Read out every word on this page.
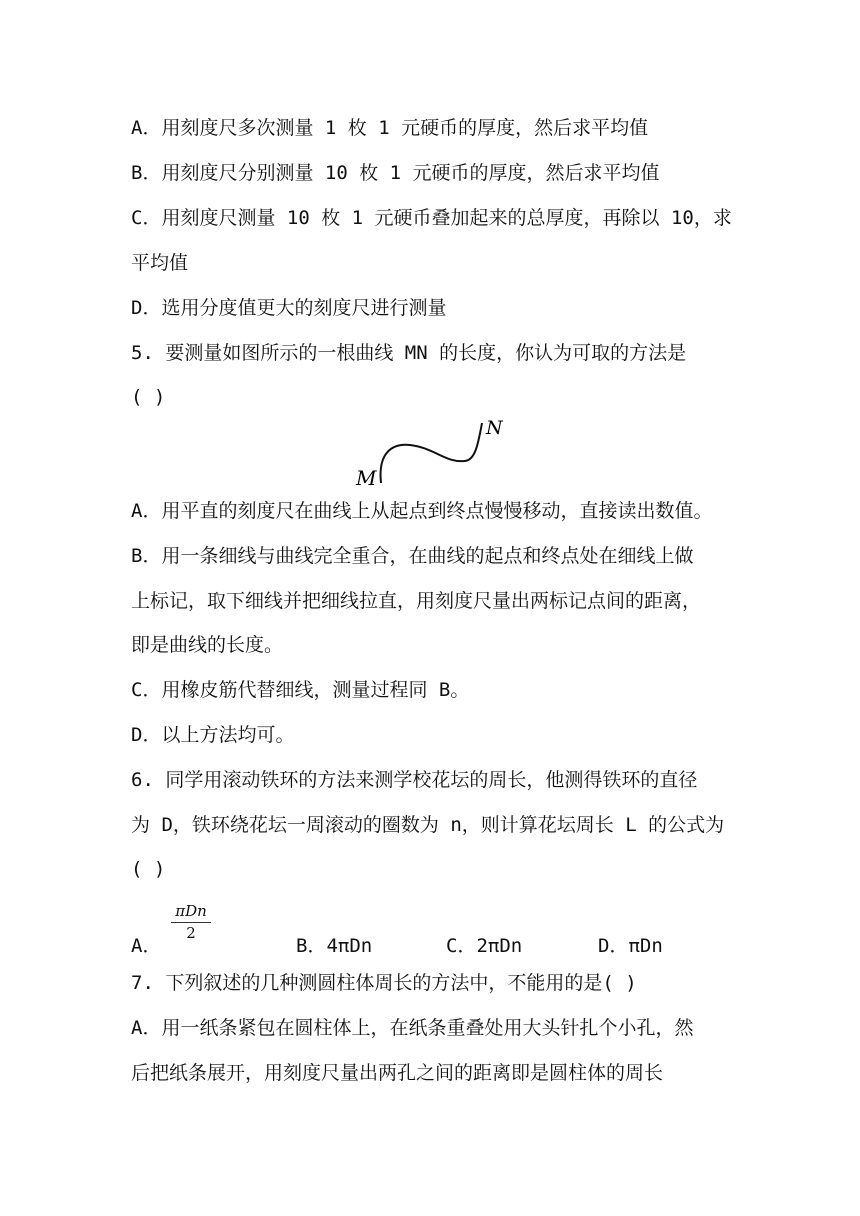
A．用刻度尺多次测量 1 枚 1 元硬币的厚度，然后求平均值
B．用刻度尺分别测量 10 枚 1 元硬币的厚度，然后求平均值
C．用刻度尺测量 10 枚 1 元硬币叠加起来的总厚度，再除以 10，求
平均值
D．选用分度值更大的刻度尺进行测量
5. 要测量如图所示的一根曲线 MN 的长度，你认为可取的方法是
( )
M
N
A．用平直的刻度尺在曲线上从起点到终点慢慢移动，直接读出数值。
B．用一条细线与曲线完全重合，在曲线的起点和终点处在细线上做
上标记，取下细线并把细线拉直，用刻度尺量出两标记点间的距离，
即是曲线的长度。
C．用橡皮筋代替细线，测量过程同 B。
D．以上方法均可。
6. 同学用滚动铁环的方法来测学校花坛的周长，他测得铁环的直径
为 D，铁环绕花坛一周滚动的圈数为 n，则计算花坛周长 L 的公式为
( )
A．
πDn
2
B．4πDn	C．2πDn	D．πDn
7. 下列叙述的几种测圆柱体周长的方法中，不能用的是( )
A．用一纸条紧包在圆柱体上，在纸条重叠处用大头针扎个小孔，然
后把纸条展开，用刻度尺量出两孔之间的距离即是圆柱体的周长
